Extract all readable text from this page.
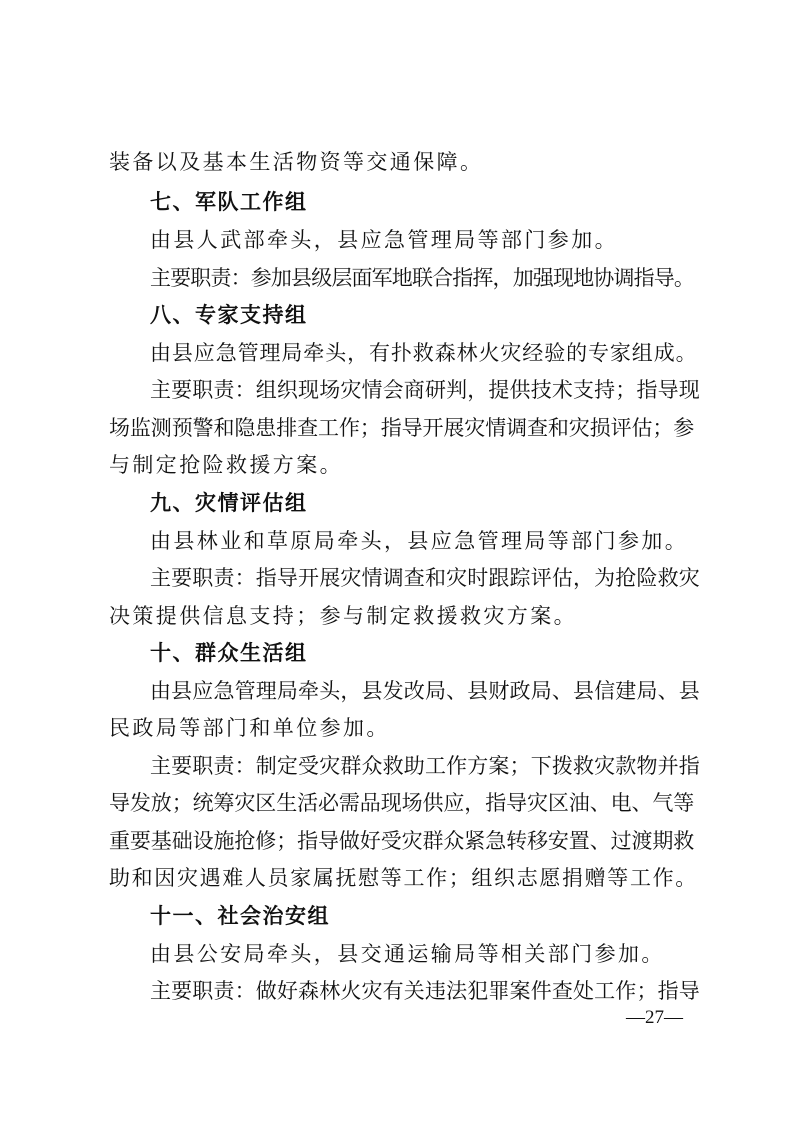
装备以及基本生活物资等交通保障。
七、军队工作组
由县人武部牵头，县应急管理局等部门参加。
主要职责：参加县级层面军地联合指挥，加强现地协调指导。
八、专家支持组
由县应急管理局牵头，有扑救森林火灾经验的专家组成。
主要职责：组织现场灾情会商研判，提供技术支持；指导现
场监测预警和隐患排查工作；指导开展灾情调查和灾损评估；参
与制定抢险救援方案。
九、灾情评估组
由县林业和草原局牵头，县应急管理局等部门参加。
主要职责：指导开展灾情调查和灾时跟踪评估，为抢险救灾
决策提供信息支持；参与制定救援救灾方案。
十、群众生活组
由县应急管理局牵头，县发改局、县财政局、县信建局、县
民政局等部门和单位参加。
主要职责：制定受灾群众救助工作方案；下拨救灾款物并指
导发放；统筹灾区生活必需品现场供应，指导灾区油、电、气等
重要基础设施抢修；指导做好受灾群众紧急转移安置、过渡期救
助和因灾遇难人员家属抚慰等工作；组织志愿捐赠等工作。
十一、社会治安组
由县公安局牵头，县交通运输局等相关部门参加。
主要职责：做好森林火灾有关违法犯罪案件查处工作；指导
—27—
